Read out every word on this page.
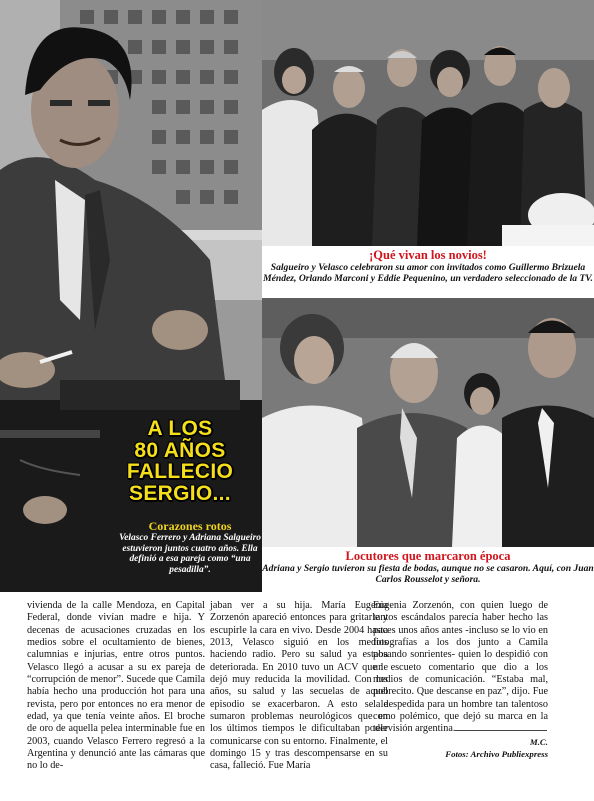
¡Qué vivan los novios!
Salgueiro y Velasco celebraron su amor con invitados como Guillermo Brizuela Méndez, Orlando Marconi y Eddie Pequenino, un verdadero seleccionado de la TV.
Locutores que marcaron época
Adriana y Sergio tuvieron su fiesta de bodas, aunque no se casaron. Aquí, con Juan Carlos Rousselot y señora.
A LOS
80 AÑOS
FALLECIO
SERGIO...
Corazones rotos
Velasco Ferrero y Adriana Salgueiro estuvieron juntos cuatro años. Ella definió a esa pareja como “una pesadilla”.

vivienda de la calle Mendoza, en Capital Federal, donde vivían madre e hija. Y decenas de acusaciones cruzadas en los medios sobre el ocultamiento de bienes, calumnias e injurias, entre otros puntos. Velasco llegó a acusar a su ex pareja de “corrupción de menor”. Sucede que Camila había hecho una producción hot para una revista, pero por entonces no era menor de edad, ya que tenía veinte años. El broche de oro de aquella pelea interminable fue en 2003, cuando Velasco Ferrero regresó a la Argentina y denunció ante las cámaras que no lo de-

jaban ver a su hija. María Eugenia Zorzenón apareció entonces para gritarle y escupirle la cara en vivo. Desde 2004 hasta 2013, Velasco siguió en los medios haciendo radio. Pero su salud ya estaba deteriorada. En 2010 tuvo un ACV que le dejó muy reducida la movilidad. Con los años, su salud y las secuelas de aquel episodio se exacerbaron. A esto se le sumaron problemas neurológicos que en los últimos tiempos le dificultaban poder comunicarse con su entorno. Finalmente, el domingo 15 y tras descompensarse en su casa, falleció. Fue María

Eugenia Zorzenón, con quien luego de tantos escándalos parecía haber hecho las paces unos años antes -incluso se lo vio en fotografías a los dos junto a Camila posando sonrientes- quien lo despidió con un escueto comentario que dio a los medios de comunicación. “Estaba mal, pobrecito. Que descanse en paz”, dijo. Fue la despedida para un hombre tan talentoso como polémico, que dejó su marca en la televisión argentina.

M.C.
Fotos: Archivo Publiexpress
